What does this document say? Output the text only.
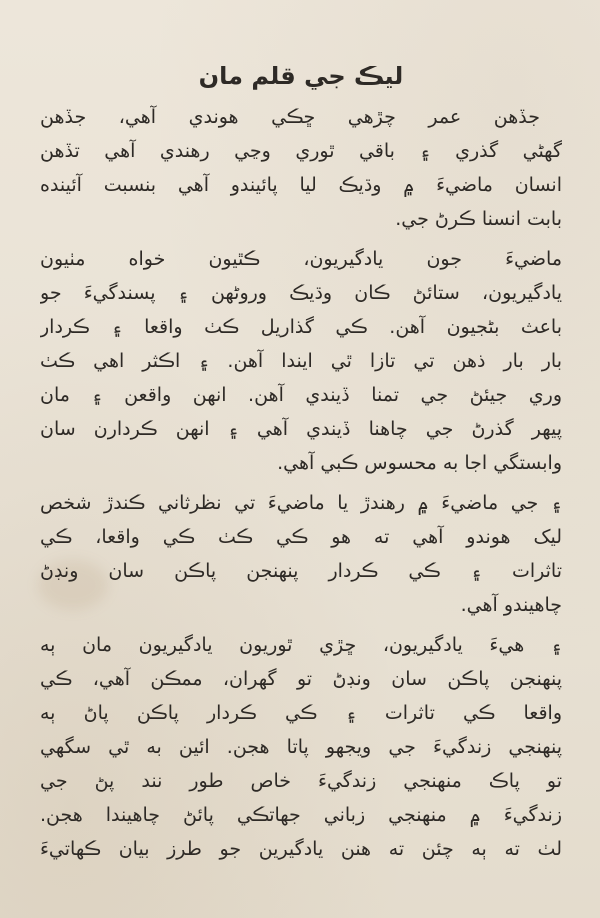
ليڪ جي قلم مان
جڏهن عمر چڙهي ڇڪي هوندي آهي، جڏهن
گهڻي گذري ۽ باقي ٿوري وڃي رهندي آهي تڏهن
انسان ماضيءَ ۾ وڌيڪ ليا پائيندو آهي بنسبت آئينده
بابت انسنا ڪرڻ جي.
ماضيءَ جون يادگيريون، ڪٿيون خواه مٺيون
يادگيريون، ستائڻ ڪان وڌيڪ وروڻهن ۽ پسندگيءَ جو
باعث بڻجيون آهن. ڪي گذاريل ڪٺ واقعا ۽ ڪردار
بار بار ذهن تي تازا ٿي ايندا آهن. ۽ اڪثر اهي ڪٺ
وري جيئڻ جي تمنا ڏيندي آهن. انهن واقعن ۽ مان
پيهر گذرڻ جي چاهنا ڏيندي آهي ۽ انهن ڪردارن سان
وابستگي اجا به محسوس ڪبي آهي.
۽ جي ماضيءَ ۾ رهندڙ يا ماضيءَ تي نظرثاني ڪندڙ شخص
ليک هوندو آهي ته هو ڪي ڪٺ ڪي واقعا، ڪي
تاثرات ۽ ڪي ڪردار پنهنجن پاڪن سان ونڊڻ
چاهيندو آهي.
۽ هيءَ يادگيريون، ڇڙي ٿوريون يادگيريون مان ٻه
پنهنجن پاڪن سان ونڊڻ تو گهران، ممڪن آهي، ڪي
واقعا ڪي تاثرات ۽ ڪي ڪردار پاڪن پاڻ ٻه
پنهنجي زندگيءَ جي ويجهو پاتا هجن. ائين به ٿي سگهي
تو پاڪ منهنجي زندگيءَ خاص طور نند پڻ جي
زندگيءَ ۾ منهنجي زباني جهاتڪي پائڻ چاهيندا هجن.
لٺ ته ٻه چئن ته هنن يادگيرين جو طرز بيان ڪهاتيءَ
